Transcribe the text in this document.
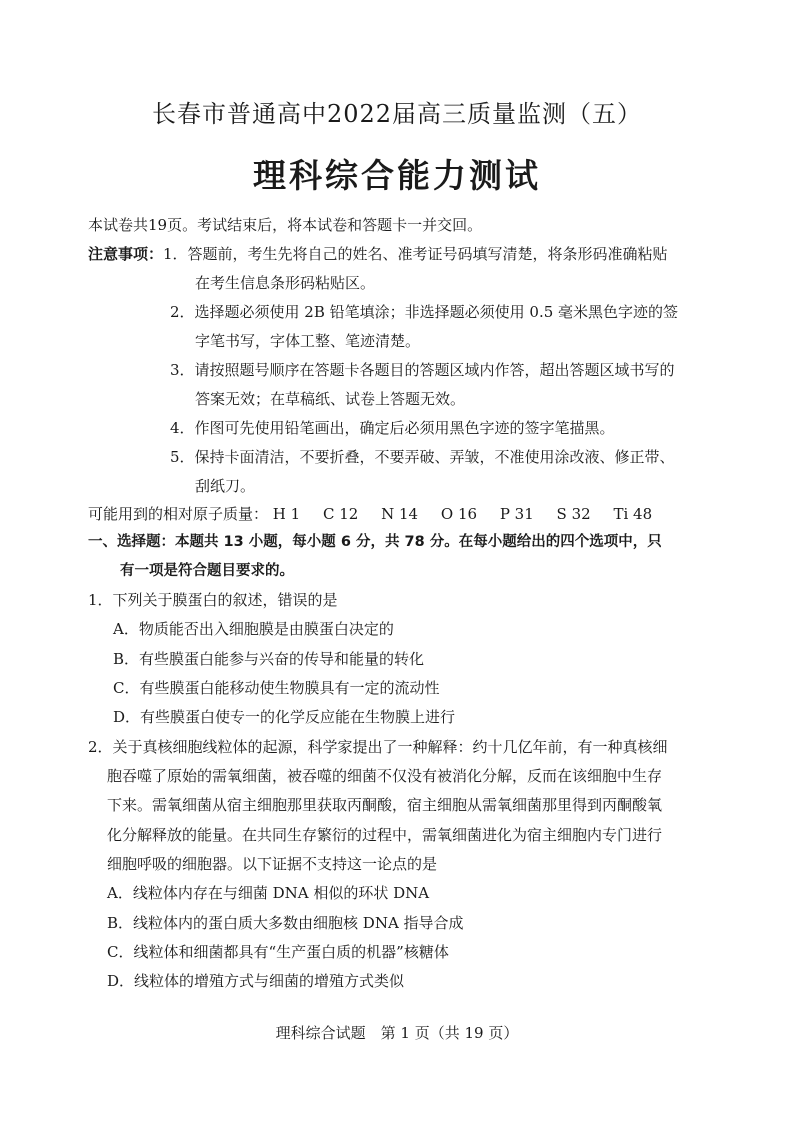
长春市普通高中2022届高三质量监测（五）
理科综合能力测试
本试卷共19页。考试结束后，将本试卷和答题卡一并交回。
注意事项： 1．答题前，考生先将自己的姓名、准考证号码填写清楚，将条形码准确粘贴
在考生信息条形码粘贴区。
2．选择题必须使用 2B 铅笔填涂；非选择题必须使用 0.5 毫米黑色字迹的签
字笔书写，字体工整、笔迹清楚。
3．请按照题号顺序在答题卡各题目的答题区域内作答，超出答题区域书写的
答案无效；在草稿纸、试卷上答题无效。
4．作图可先使用铅笔画出，确定后必须用黑色字迹的签字笔描黑。
5．保持卡面清洁，不要折叠，不要弄破、弄皱，不准使用涂改液、修正带、
刮纸刀。
可能用到的相对原子质量： H 1 C 12 N 14 O 16 P 31 S 32 Ti 48
一、选择题：本题共 13 小题，每小题 6 分，共 78 分。在每小题给出的四个选项中，只
有一项是符合题目要求的。
1．下列关于膜蛋白的叙述，错误的是
A．物质能否出入细胞膜是由膜蛋白决定的
B．有些膜蛋白能参与兴奋的传导和能量的转化
C．有些膜蛋白能移动使生物膜具有一定的流动性
D．有些膜蛋白使专一的化学反应能在生物膜上进行
2．关于真核细胞线粒体的起源，科学家提出了一种解释：约十几亿年前，有一种真核细
胞吞噬了原始的需氧细菌，被吞噬的细菌不仅没有被消化分解，反而在该细胞中生存
下来。需氧细菌从宿主细胞那里获取丙酮酸，宿主细胞从需氧细菌那里得到丙酮酸氧
化分解释放的能量。在共同生存繁衍的过程中，需氧细菌进化为宿主细胞内专门进行
细胞呼吸的细胞器。以下证据不支持这一论点的是
A．线粒体内存在与细菌 DNA 相似的环状 DNA
B．线粒体内的蛋白质大多数由细胞核 DNA 指导合成
C．线粒体和细菌都具有“生产蛋白质的机器”核糖体
D．线粒体的增殖方式与细菌的增殖方式类似
理科综合试题　第 1 页（共 19 页）
